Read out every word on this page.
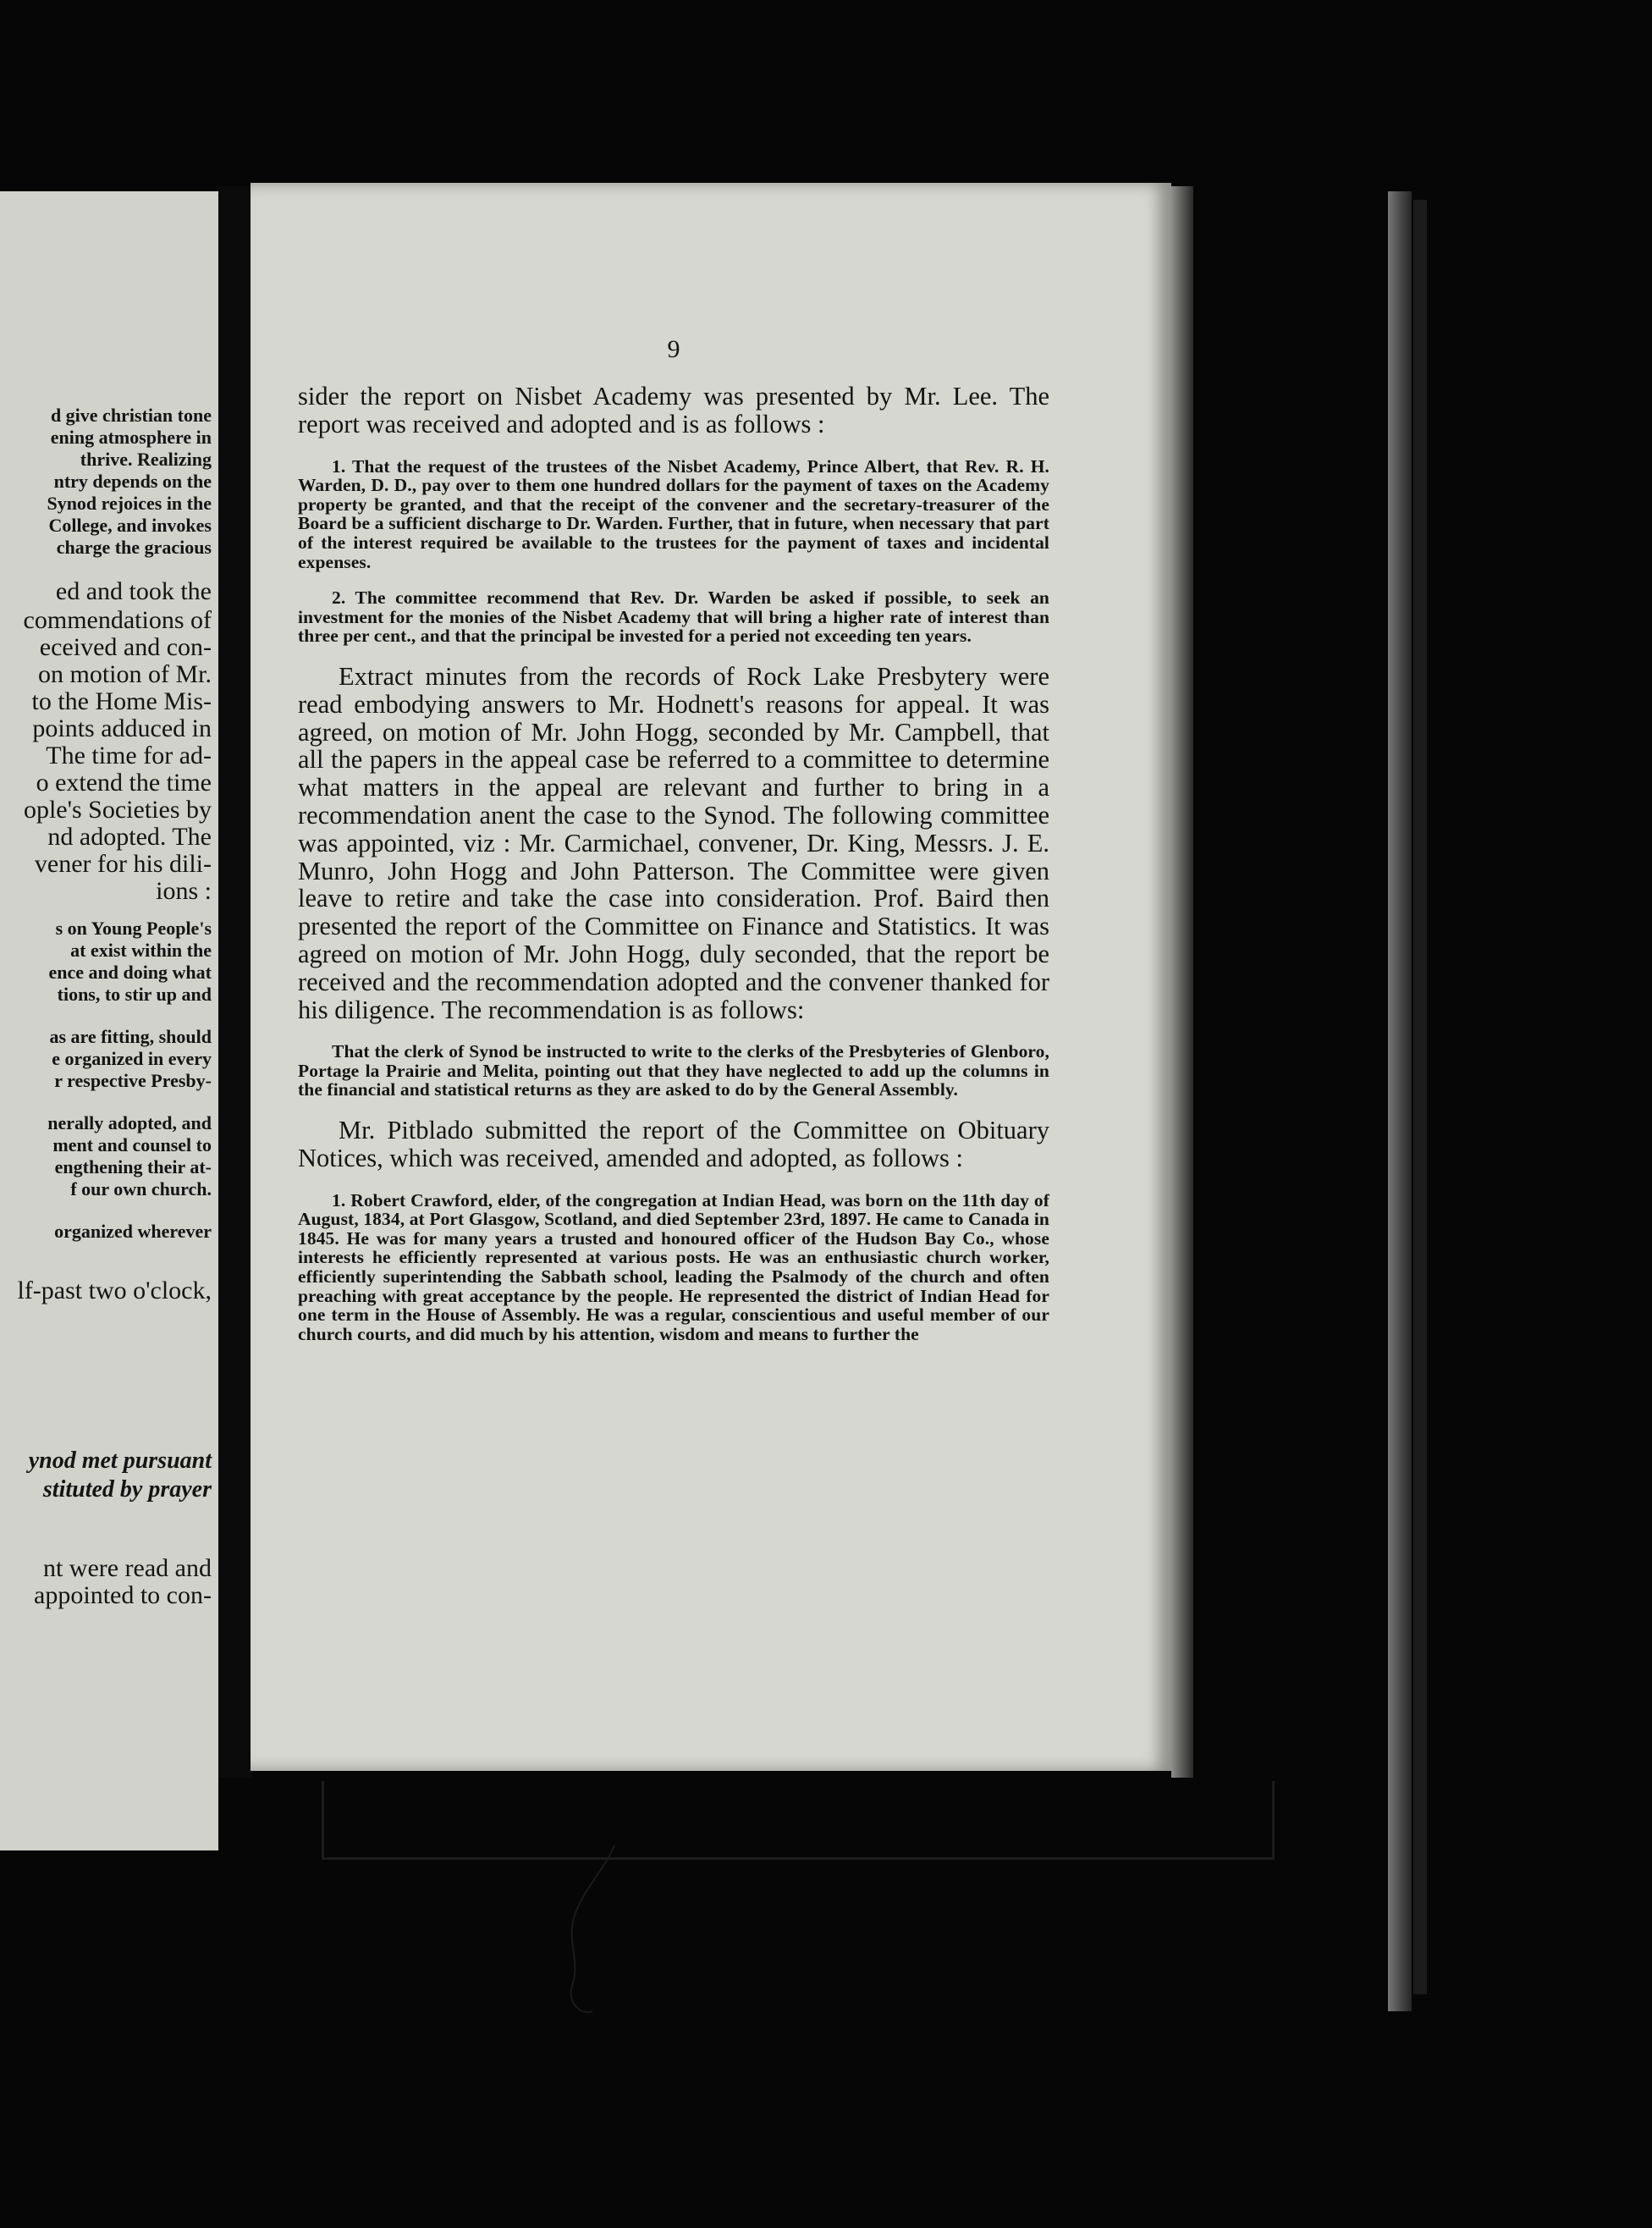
d give christian tone
ening atmosphere in
thrive. Realizing
ntry depends on the
Synod rejoices in the
College, and invokes
charge the gracious
ed and took the
commendations of
eceived and con-
on motion of Mr.
to the Home Mis-
points adduced in
The time for ad-
o extend the time
ople's Societies by
nd adopted. The
vener for his dili-
ions :
s on Young People's
at exist within the
ence and doing what
tions, to stir up and
as are fitting, should
e organized in every
r respective Presby-
nerally adopted, and
ment and counsel to
engthening their at-
f our own church.
organized wherever
lf-past two o'clock,
ynod met pursuant
stituted by prayer
nt were read and
appointed to con-
9

sider the report on Nisbet Academy was presented by Mr. Lee. The report was received and adopted and is as follows :

1. That the request of the trustees of the Nisbet Academy, Prince Albert, that Rev. R. H. Warden, D. D., pay over to them one hundred dollars for the payment of taxes on the Academy property be granted, and that the receipt of the convener and the secretary-treasurer of the Board be a sufficient discharge to Dr. Warden. Further, that in future, when necessary that part of the interest required be available to the trustees for the payment of taxes and incidental expenses.

2. The committee recommend that Rev. Dr. Warden be asked if possible, to seek an investment for the monies of the Nisbet Academy that will bring a higher rate of interest than three per cent., and that the principal be invested for a peried not exceeding ten years.

Extract minutes from the records of Rock Lake Presbytery were read embodying answers to Mr. Hodnett's reasons for appeal. It was agreed, on motion of Mr. John Hogg, seconded by Mr. Campbell, that all the papers in the appeal case be referred to a committee to determine what matters in the appeal are relevant and further to bring in a recommendation anent the case to the Synod. The following committee was appointed, viz : Mr. Carmichael, convener, Dr. King, Messrs. J. E. Munro, John Hogg and John Patterson. The Committee were given leave to retire and take the case into consideration. Prof. Baird then presented the report of the Committee on Finance and Statistics. It was agreed on motion of Mr. John Hogg, duly seconded, that the report be received and the recommendation adopted and the convener thanked for his diligence. The recommendation is as follows:

That the clerk of Synod be instructed to write to the clerks of the Presbyteries of Glenboro, Portage la Prairie and Melita, pointing out that they have neglected to add up the columns in the financial and statistical returns as they are asked to do by the General Assembly.

Mr. Pitblado submitted the report of the Committee on Obituary Notices, which was received, amended and adopted, as follows :

1. Robert Crawford, elder, of the congregation at Indian Head, was born on the 11th day of August, 1834, at Port Glasgow, Scotland, and died September 23rd, 1897. He came to Canada in 1845. He was for many years a trusted and honoured officer of the Hudson Bay Co., whose interests he efficiently represented at various posts. He was an enthusiastic church worker, efficiently superintending the Sabbath school, leading the Psalmody of the church and often preaching with great acceptance by the people. He represented the district of Indian Head for one term in the House of Assembly. He was a regular, conscientious and useful member of our church courts, and did much by his attention, wisdom and means to further the
